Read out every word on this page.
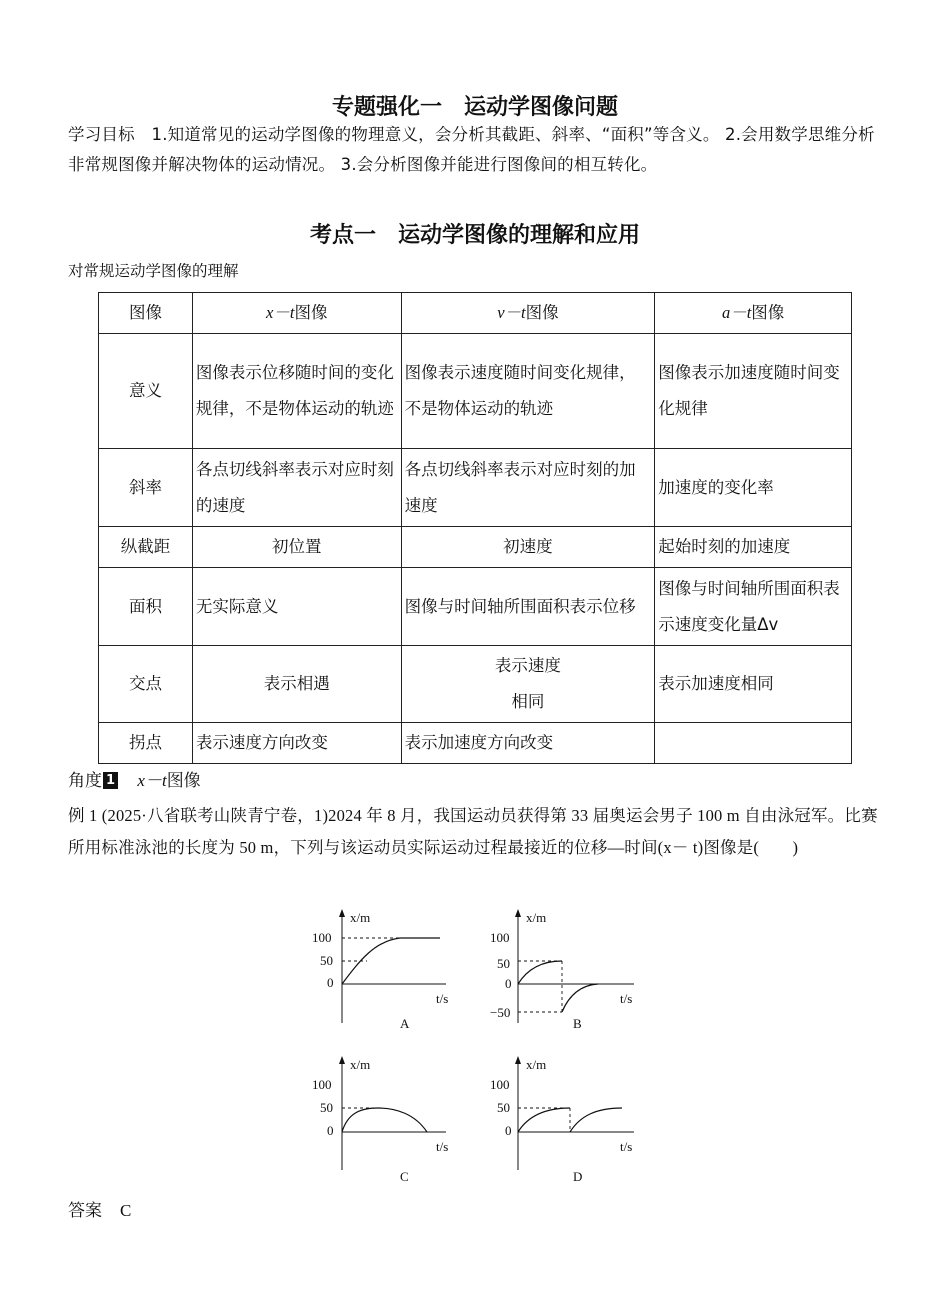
专题强化一　运动学图像问题
学习目标　 1.知道常见的运动学图像的物理意义，会分析其截距、斜率、“面积”等含义。 2.会用数学思维分析非常规图像并解决物体的运动情况。 3.会分析图像并能进行图像间的相互转化。
考点一　运动学图像的理解和应用
对常规运动学图像的理解
图像	x－t图像	v－t图像	a－t图像
意义	图像表示位移随时间的变化规律，不是物体运动的轨迹	图像表示速度随时间变化规律，不是物体运动的轨迹	图像表示加速度随时间变化规律
斜率	各点切线斜率表示对应时刻的速度	各点切线斜率表示对应时刻的加速度	加速度的变化率
纵截距	初位置	初速度	起始时刻的加速度
面积	无实际意义	图像与时间轴所围面积表示位移	图像与时间轴所围面积表示速度变化量Δv
交点	表示相遇	表示速度相同	表示加速度相同
拐点	表示速度方向改变	表示加速度方向改变	
角度 1 x－t图像
例 1 (2025·八省联考山陕青宁卷，1)2024 年 8 月，我国运动员获得第 33 届奥运会男子 100 m 自由泳冠军。比赛所用标准泳池的长度为 50 m，下列与该运动员实际运动过程最接近的位移—时间(x－ t)图像是(　　)
x/m
100
50
0
t/s
A
x/m
100
50
0
−50
t/s
B
x/m
100
50
0
t/s
C
x/m
100
50
0
t/s
D
答案 C
